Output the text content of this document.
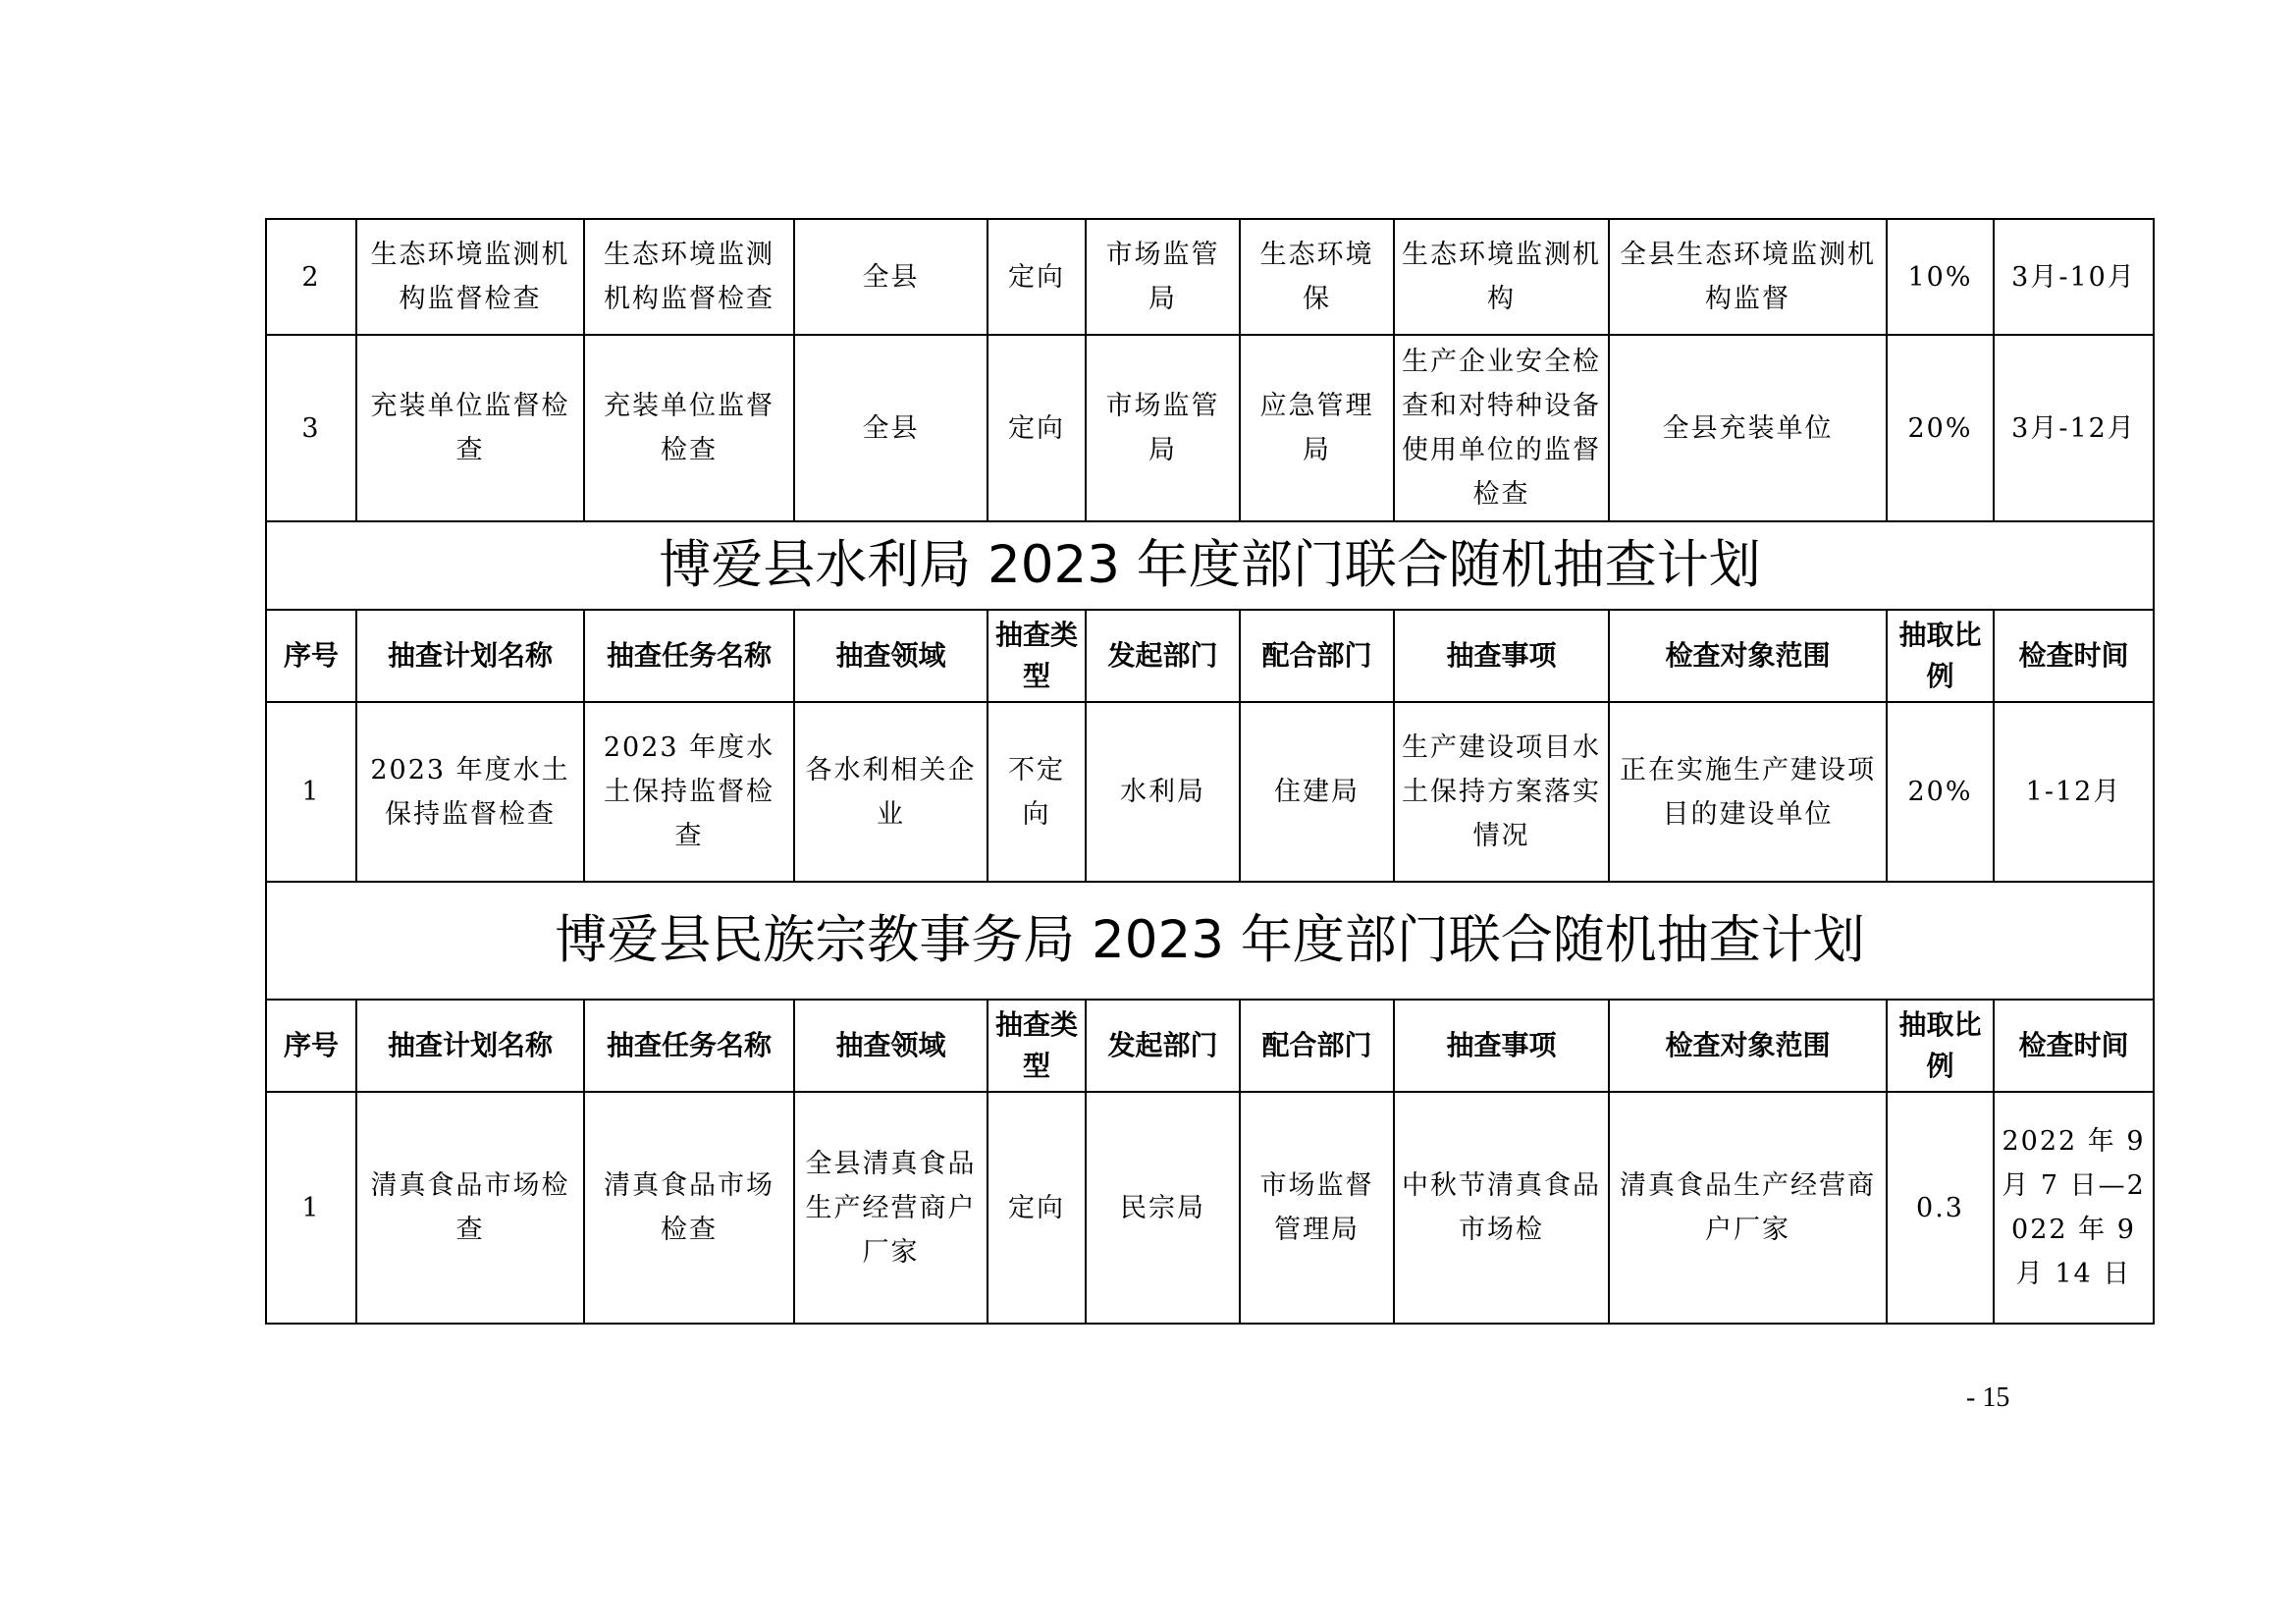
2	生态环境监测机构监督检查	生态环境监测机构监督检查	全县	定向	市场监管局	生态环境保	生态环境监测机构	全县生态环境监测机构监督	10%	3月-10月
3	充装单位监督检查	充装单位监督检查	全县	定向	市场监管局	应急管理局	生产企业安全检查和对特种设备使用单位的监督检查	全县充装单位	20%	3月-12月
博爱县水利局 2023 年度部门联合随机抽查计划										
序号	抽查计划名称	抽查任务名称	抽查领域	抽查类型	发起部门	配合部门	抽查事项	检查对象范围	抽取比例	检查时间
1	2023 年度水土保持监督检查	2023 年度水土保持监督检查	各水利相关企业	不定向	水利局	住建局	生产建设项目水土保持方案落实情况	正在实施生产建设项目的建设单位	20%	1-12月
博爱县民族宗教事务局 2023 年度部门联合随机抽查计划										
序号	抽查计划名称	抽查任务名称	抽查领域	抽查类型	发起部门	配合部门	抽查事项	检查对象范围	抽取比例	检查时间
1	清真食品市场检查	清真食品市场检查	全县清真食品生产经营商户厂家	定向	民宗局	市场监督管理局	中秋节清真食品市场检	清真食品生产经营商户厂家	0.3	2022 年 9 月 7 日—2022 年 9 月 14 日
- 15
